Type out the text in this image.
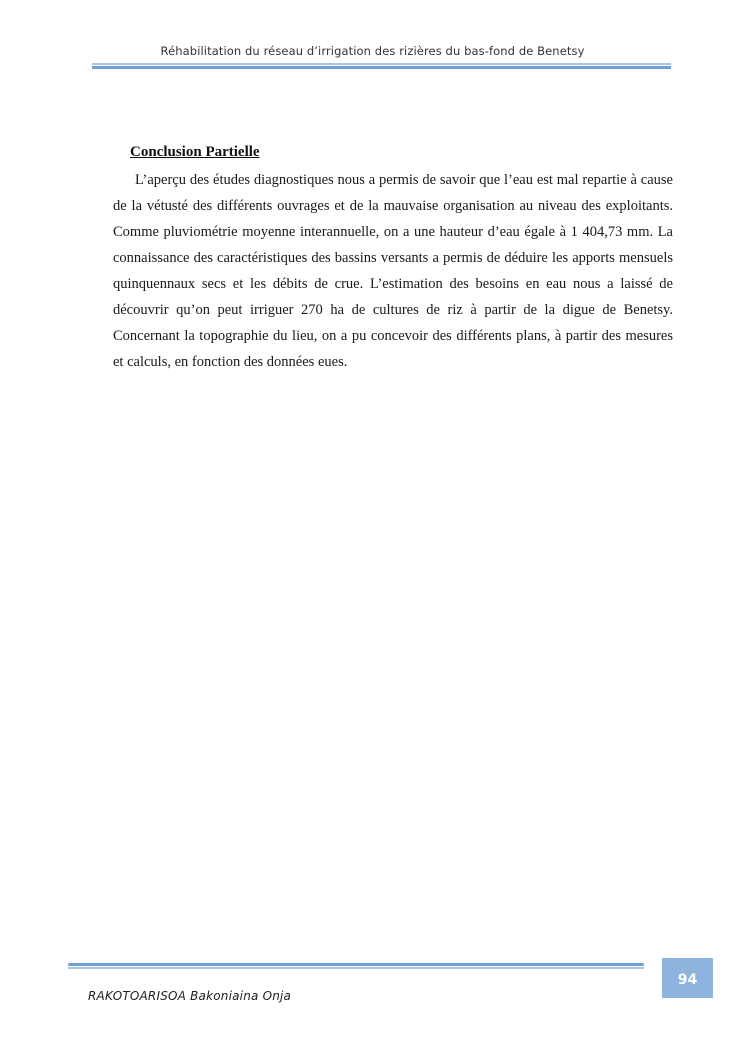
Réhabilitation du réseau d’irrigation des rizières du bas-fond de Benetsy
Conclusion Partielle

L’aperçu des études diagnostiques nous a permis de savoir que l’eau est mal repartie à cause de la vétusté des différents ouvrages et de la mauvaise organisation au niveau des exploitants. Comme pluviométrie moyenne interannuelle, on a une hauteur d’eau égale à 1 404,73 mm. La connaissance des caractéristiques des bassins versants a permis de déduire les apports mensuels quinquennaux secs et les débits de crue. L’estimation des besoins en eau nous a laissé de découvrir qu’on peut irriguer 270 ha de cultures de riz à partir de la digue de Benetsy. Concernant la topographie du lieu, on a pu concevoir des différents plans, à partir des mesures et calculs, en fonction des données eues.

94
RAKOTOARISOA Bakoniaina Onja
